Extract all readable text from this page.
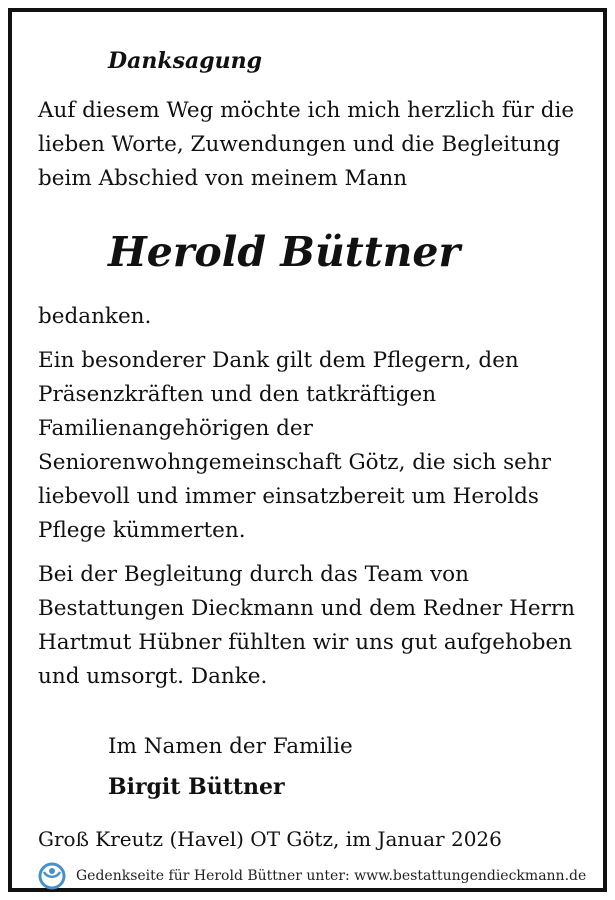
Danksagung

Auf diesem Weg möchte ich mich herzlich für die
lieben Worte, Zuwendungen und die Begleitung
beim Abschied von meinem Mann

Herold Büttner

bedanken.

Ein besonderer Dank gilt dem Pflegern, den
Präsenzkräften und den tatkräftigen
Familienangehörigen der
Seniorenwohngemeinschaft Götz, die sich sehr
liebevoll und immer einsatzbereit um Herolds
Pflege kümmerten.

Bei der Begleitung durch das Team von
Bestattungen Dieckmann und dem Redner Herrn
Hartmut Hübner fühlten wir uns gut aufgehoben
und umsorgt. Danke.

Im Namen der Familie
Birgit Büttner
Groß Kreutz (Havel) OT Götz, im Januar 2026
Gedenkseite für Herold Büttner unter: www.bestattungendieckmann.de
